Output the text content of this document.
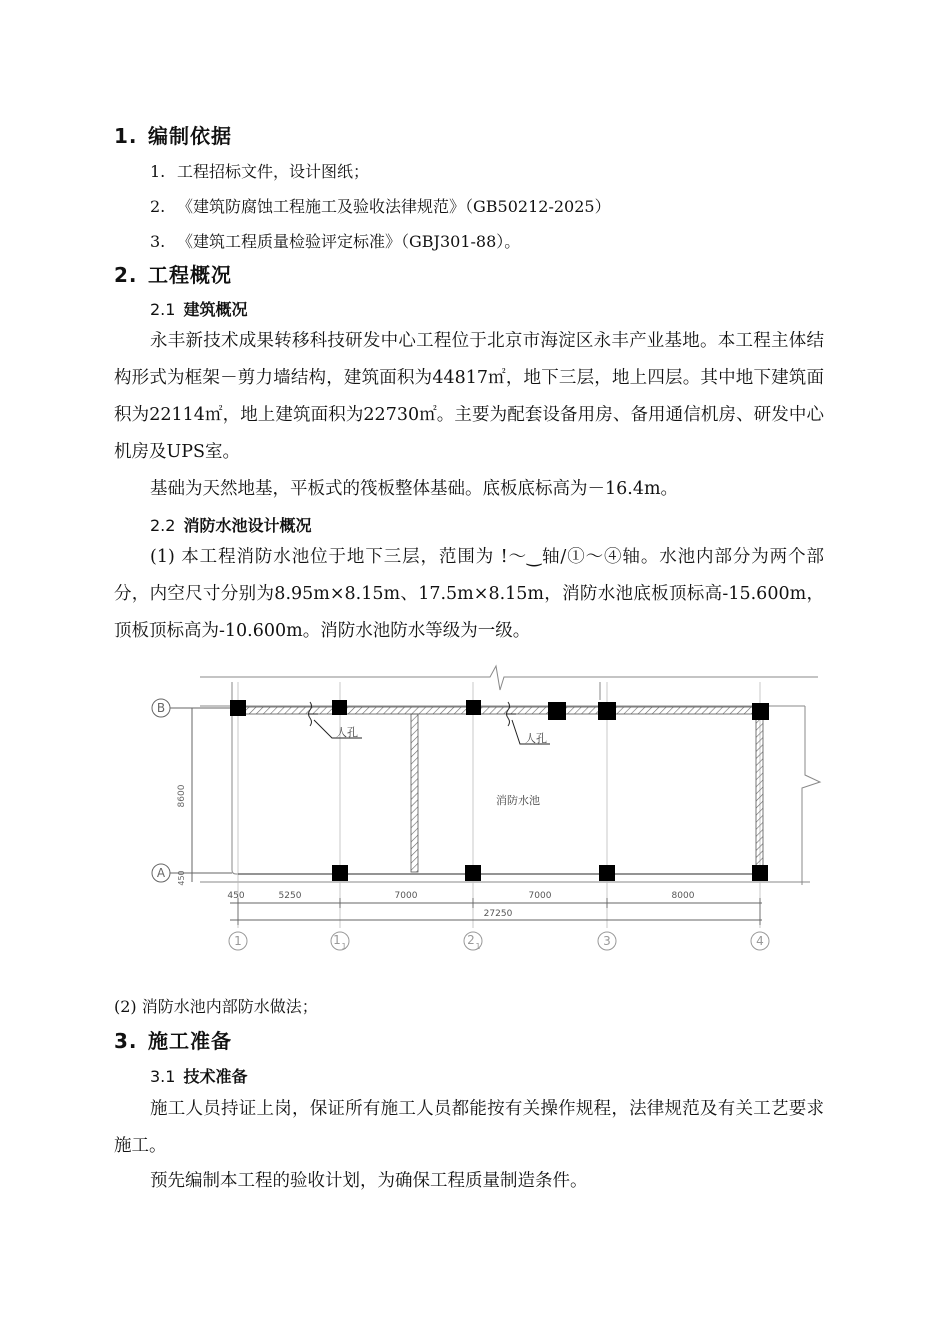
1. 编制依据
1. 工程招标文件，设计图纸；
2. 《建筑防腐蚀工程施工及验收法律规范》（GB50212-2025）
3. 《建筑工程质量检验评定标准》（GBJ301-88）。
2. 工程概况
2.1 建筑概况
永丰新技术成果转移科技研发中心工程位于北京市海淀区永丰产业基地。本工程主体结构形式为框架－剪力墙结构，建筑面积为44817㎡，地下三层，地上四层。其中地下建筑面积为22114㎡，地上建筑面积为22730㎡。主要为配套设备用房、备用通信机房、研发中心机房及UPS室。
基础为天然地基，平板式的筏板整体基础。底板底标高为－16.4m。
2.2 消防水池设计概况
(1) 本工程消防水池位于地下三层，范围为 !～‿轴/①～④轴。水池内部分为两个部分，内空尺寸分别为8.95m×8.15m、17.5m×8.15m，消防水池底板顶标高-15.600m，顶板顶标高为-10.600m。消防水池防水等级为一级。
人孔	人孔
消防水池
B
A
8600
450
450	5250	7000	7000	8000
27250
1	1	2	3	4
1	1
(2) 消防水池内部防水做法；
3. 施工准备
3.1 技术准备
施工人员持证上岗，保证所有施工人员都能按有关操作规程，法律规范及有关工艺要求施工。
预先编制本工程的验收计划，为确保工程质量制造条件。
